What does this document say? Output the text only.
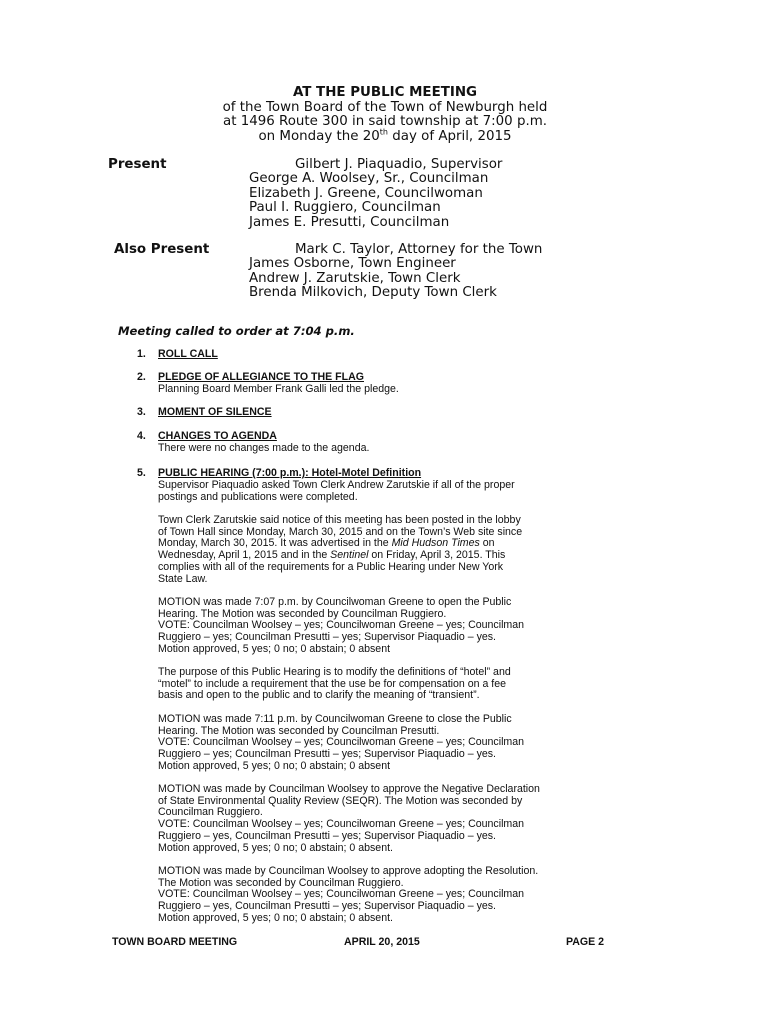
AT THE PUBLIC MEETING
of the Town Board of the Town of Newburgh held
at 1496 Route 300 in said township at 7:00 p.m.
on Monday the 20th day of April, 2015
Present	Gilbert J. Piaquadio, Supervisor
George A. Woolsey, Sr., Councilman
Elizabeth J. Greene, Councilwoman
Paul I. Ruggiero, Councilman
James E. Presutti, Councilman
Also Present	Mark C. Taylor, Attorney for the Town
James Osborne, Town Engineer
Andrew J. Zarutskie, Town Clerk
Brenda Milkovich, Deputy Town Clerk
Meeting called to order at 7:04 p.m.
1. ROLL CALL
2. PLEDGE OF ALLEGIANCE TO THE FLAG
Planning Board Member Frank Galli led the pledge.
3. MOMENT OF SILENCE
4. CHANGES TO AGENDA
There were no changes made to the agenda.
5. PUBLIC HEARING (7:00 p.m.): Hotel-Motel Definition
Supervisor Piaquadio asked Town Clerk Andrew Zarutskie if all of the proper
postings and publications were completed.
Town Clerk Zarutskie said notice of this meeting has been posted in the lobby
of Town Hall since Monday, March 30, 2015 and on the Town’s Web site since
Monday, March 30, 2015. It was advertised in the Mid Hudson Times on
Wednesday, April 1, 2015 and in the Sentinel on Friday, April 3, 2015. This
complies with all of the requirements for a Public Hearing under New York
State Law.
MOTION was made 7:07 p.m. by Councilwoman Greene to open the Public
Hearing. The Motion was seconded by Councilman Ruggiero.
VOTE: Councilman Woolsey – yes; Councilwoman Greene – yes; Councilman
Ruggiero – yes; Councilman Presutti – yes; Supervisor Piaquadio – yes.
Motion approved, 5 yes; 0 no; 0 abstain; 0 absent
The purpose of this Public Hearing is to modify the definitions of “hotel” and
“motel” to include a requirement that the use be for compensation on a fee
basis and open to the public and to clarify the meaning of “transient”.
MOTION was made 7:11 p.m. by Councilwoman Greene to close the Public
Hearing. The Motion was seconded by Councilman Presutti.
VOTE: Councilman Woolsey – yes; Councilwoman Greene – yes; Councilman
Ruggiero – yes; Councilman Presutti – yes; Supervisor Piaquadio – yes.
Motion approved, 5 yes; 0 no; 0 abstain; 0 absent
MOTION was made by Councilman Woolsey to approve the Negative Declaration
of State Environmental Quality Review (SEQR). The Motion was seconded by
Councilman Ruggiero.
VOTE: Councilman Woolsey – yes; Councilwoman Greene – yes; Councilman
Ruggiero – yes, Councilman Presutti – yes; Supervisor Piaquadio – yes.
Motion approved, 5 yes; 0 no; 0 abstain; 0 absent.
MOTION was made by Councilman Woolsey to approve adopting the Resolution.
The Motion was seconded by Councilman Ruggiero.
VOTE: Councilman Woolsey – yes; Councilwoman Greene – yes; Councilman
Ruggiero – yes, Councilman Presutti – yes; Supervisor Piaquadio – yes.
Motion approved, 5 yes; 0 no; 0 abstain; 0 absent.
TOWN BOARD MEETING	APRIL 20, 2015	PAGE 2
